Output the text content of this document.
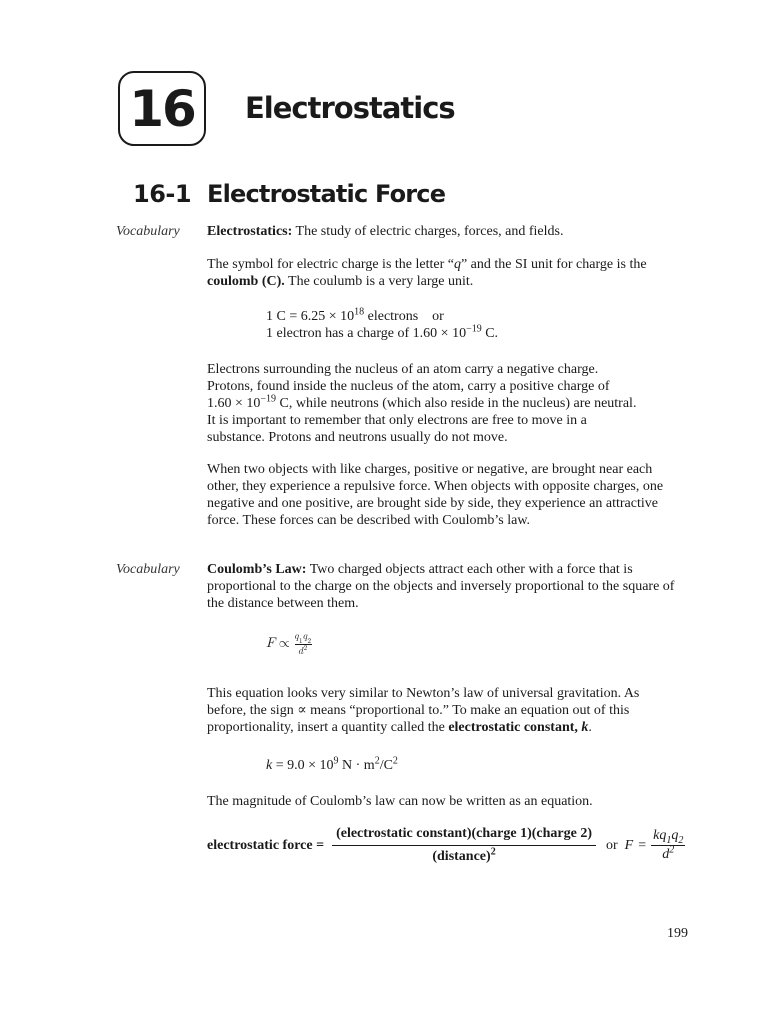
16	Electrostatics
16-1 Electrostatic Force
Vocabulary Electrostatics: The study of electric charges, forces, and fields.

The symbol for electric charge is the letter “q” and the SI unit for charge is the
coulomb (C). The coulumb is a very large unit.

1 $C = 6.25 \times 10^{18}$ electrons    or
1 electron has a charge of $1.60 \times 10^{-19}$ C.

Electrons surrounding the nucleus of an atom carry a negative charge.
Protons, found inside the nucleus of the atom, carry a positive charge of
$1.60 \times 10^{-19}$ C, while neutrons (which also reside in the nucleus) are neutral.
It is important to remember that only electrons are free to move in a
substance. Protons and neutrons usually do not move.

When two objects with like charges, positive or negative, are brought near each other, they experience a repulsive force. When objects with opposite charges, one negative and one positive, are brought side by side, they experience an attractive force. These forces can be described with Coulomb’s law.

Vocabulary Coulomb’s Law: Two charged objects attract each other with a force that is proportional to the charge on the objects and inversely proportional to the square of the distance between them.

𝐹 ∝
𝑞
1
𝑞
2
𝑑 2

This equation looks very similar to Newton’s law of universal gravitation. As before, the sign ∝ means “proportional to.” To make an equation out of this proportionality, insert a quantity called the electrostatic constant, k.

$k = 9.0 \times 10^9$ $N \cdot m^2/C^2$

The magnitude of Coulomb’s law can now be written as an equation.

electrostatic force = $\frac{\text{(electrostatic constant)(charge 1)(charge 2)}}{(distance)^2}$ or $F = \frac{kq_1q_2}{d^2}$
199
